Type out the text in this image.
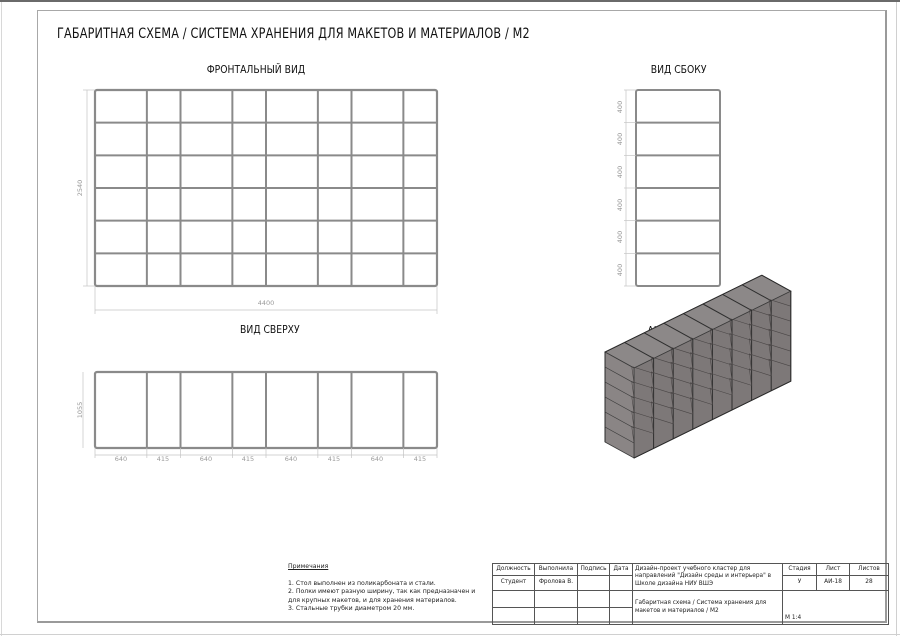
ГАБАРИТНАЯ СХЕМА / СИСТЕМА ХРАНЕНИЯ ДЛЯ МАКЕТОВ И МАТЕРИАЛОВ / М2
ФРОНТАЛЬНЫЙ ВИД	ВИД СБОКУ
ВИД СВЕРХУ
2540
4400
1055
400
400
400
400
400
400
640	415	640	415	640	415	640	415
Примечания
1. Стол выполнен из поликарбоната и стали.
2. Полки имеют разную ширину, так как предназначен и для крупных макетов, и для хранения материалов.
3. Стальные трубки диаметром 20 мм.
Должность	Выполнила	Подпись	Дата	Дизайн-проект учебного кластер для направлений "Дизайн среды и интерьера" в Школе дизайна НИУ ВШЭ	Стадия	Лист	Листов
Студент	Фролова В.			У	АИ-18	28
				Габаритная схема / Система хранения для макетов и материалов / М2	М 1:4
